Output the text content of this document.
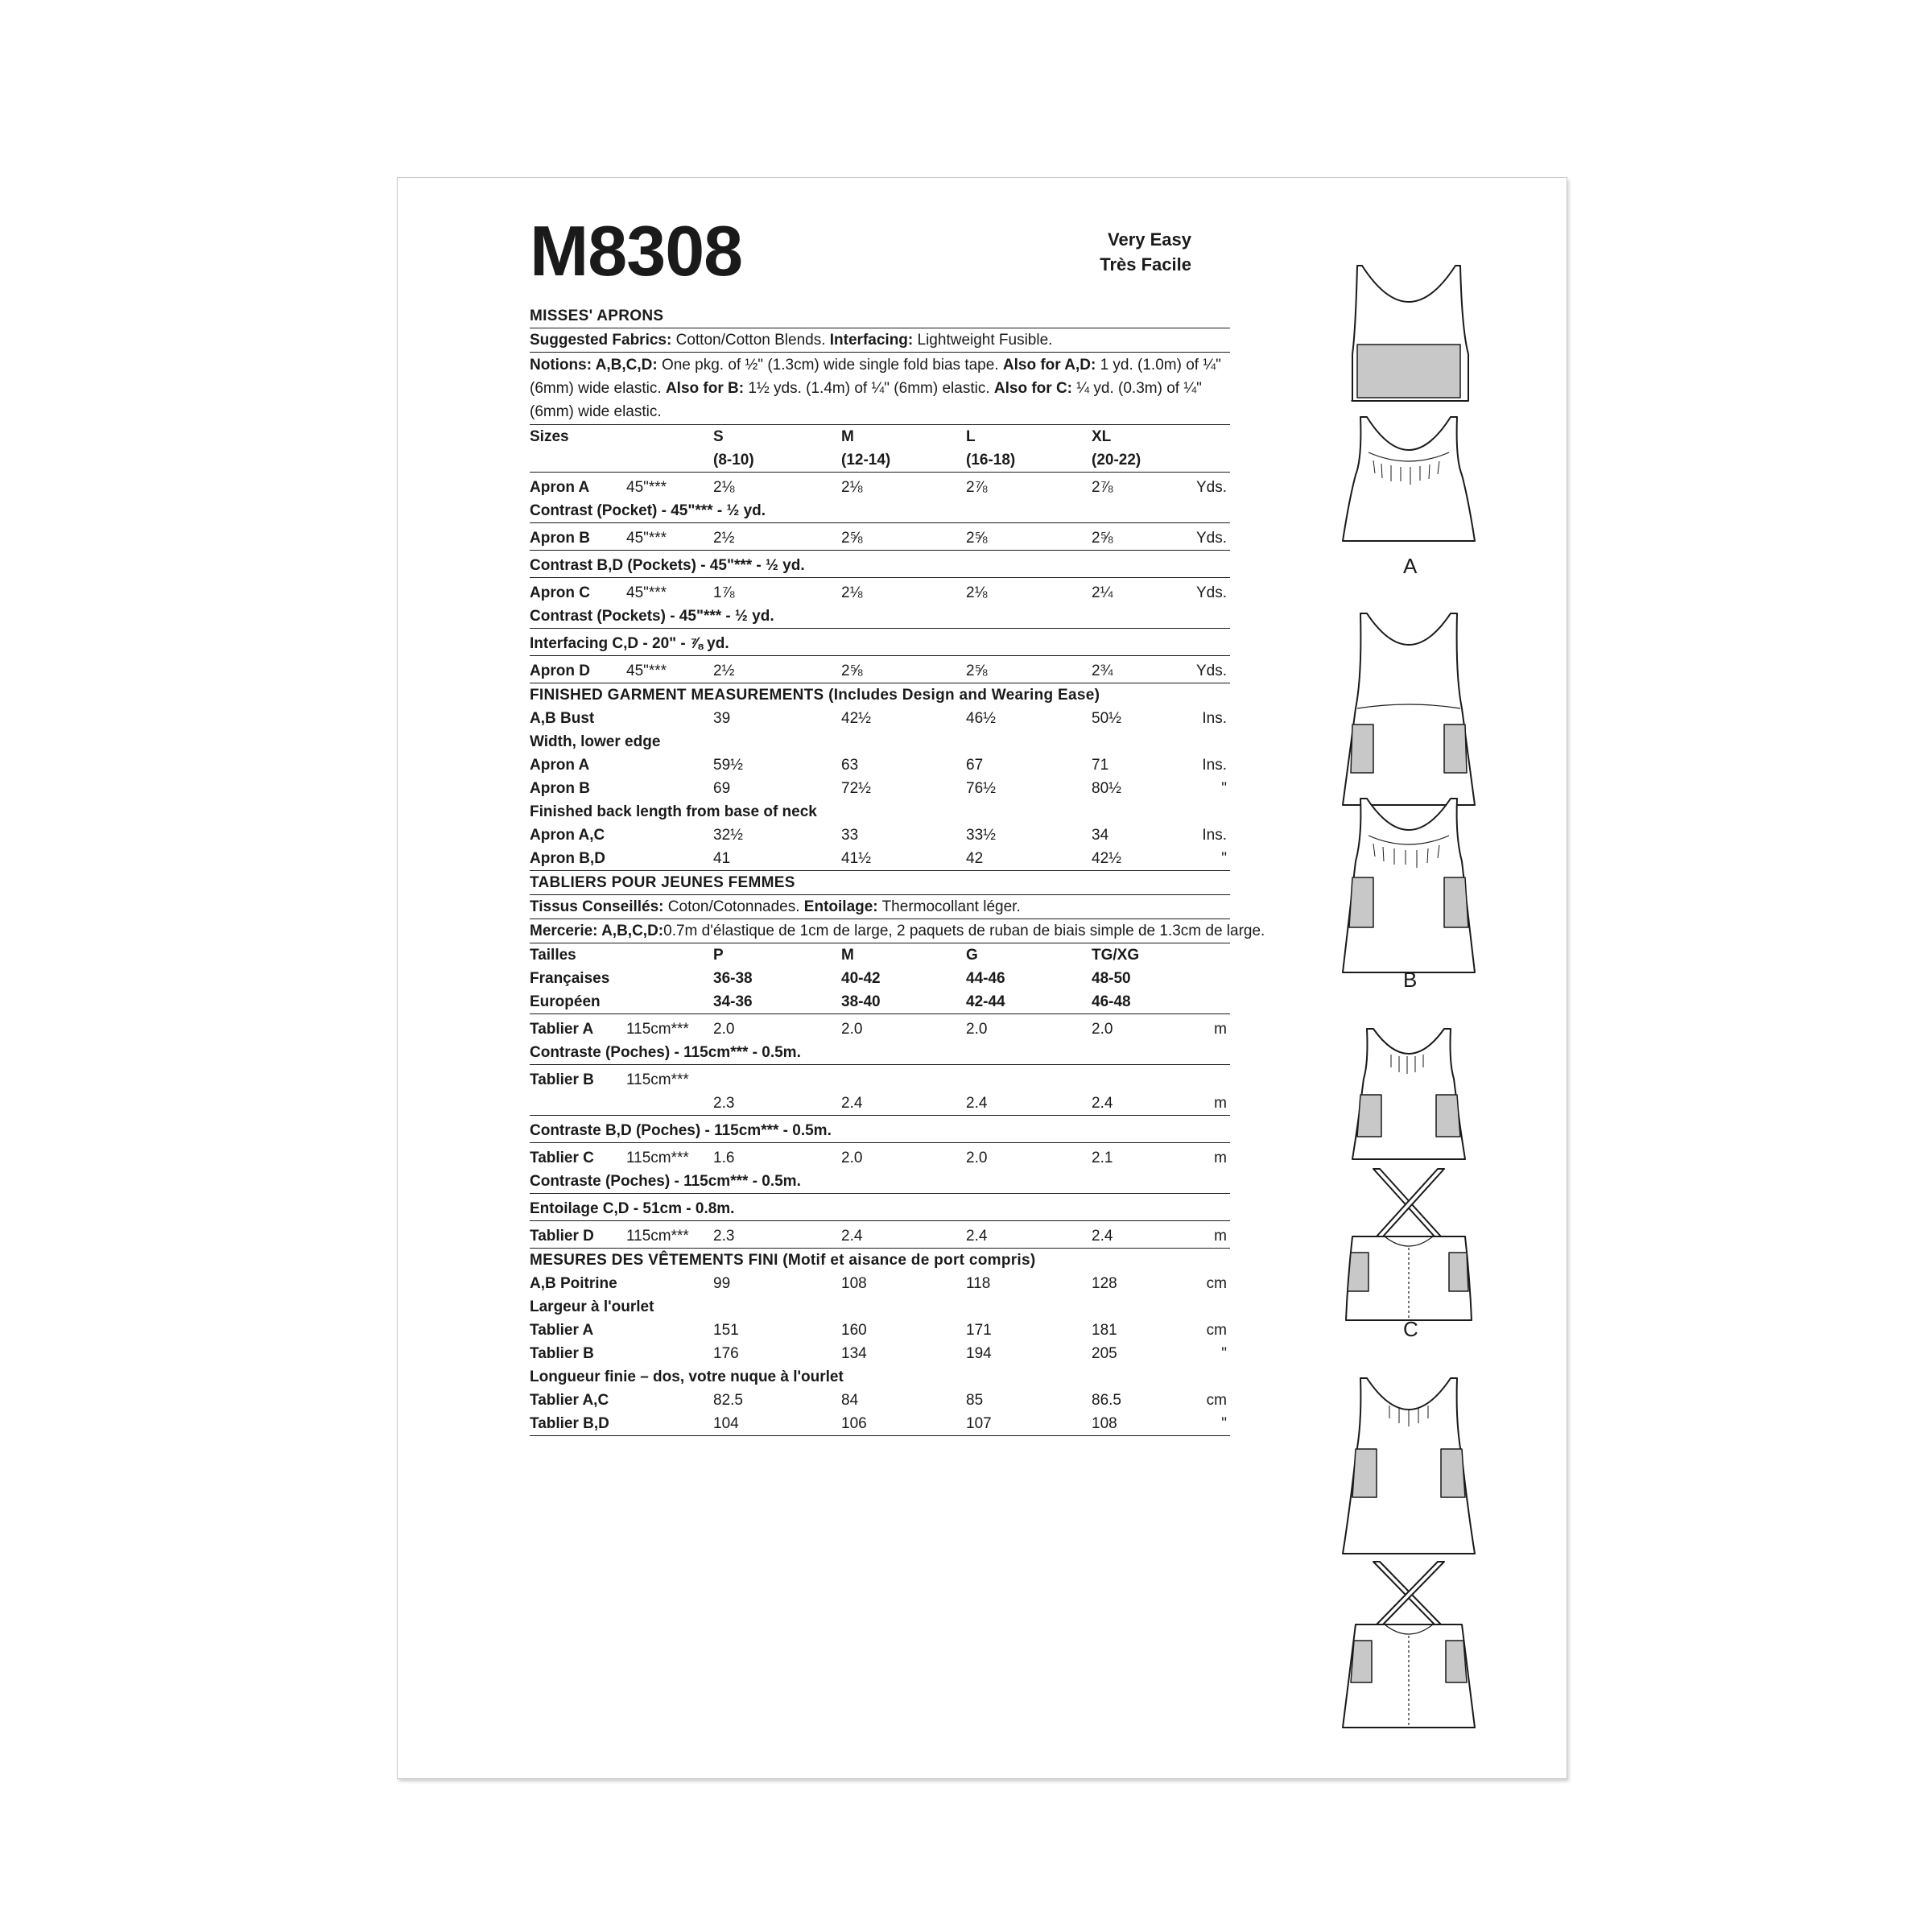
M8308	Very Easy
Très Facile
MISSES' APRONS
Suggested Fabrics: Cotton/Cotton Blends. Interfacing: Lightweight Fusible.
Notions: A,B,C,D: One pkg. of ½" (1.3cm) wide single fold bias tape. Also for A,D: 1 yd. (1.0m) of ¼" (6mm) wide elastic. Also for B: 1½ yds. (1.4m) of ¼" (6mm) elastic. Also for C: ¼ yd. (0.3m) of ¼" (6mm) wide elastic.
Sizes	S	M	L	XL
(8-10)	(12-14)	(16-18)	(20-22)
Apron A 45"***	2⅛	2⅛	2⅞	2⅞	Yds.
Contrast (Pocket) - 45"*** - ½ yd.
Apron B 45"***	2½	2⅝	2⅝	2⅝	Yds.
Contrast B,D (Pockets) - 45"*** - ½ yd.
Apron C 45"***	1⅞	2⅛	2⅛	2¼	Yds.
Contrast (Pockets) - 45"*** - ½ yd.
Interfacing C,D - 20" - ⅞ yd.
Apron D 45"***	2½	2⅝	2⅝	2¾	Yds.
FINISHED GARMENT MEASUREMENTS (Includes Design and Wearing Ease)
A,B Bust	39	42½	46½	50½	Ins.
Width, lower edge
Apron A	59½	63	67	71	Ins.
Apron B	69	72½	76½	80½	"
Finished back length from base of neck
Apron A,C	32½	33	33½	34	Ins.
Apron B,D	41	41½	42	42½	"
TABLIERS POUR JEUNES FEMMES
Tissus Conseillés: Coton/Cotonnades. Entoilage: Thermocollant léger.
Mercerie: A,B,C,D:0.7m d'élastique de 1cm de large, 2 paquets de ruban de biais simple de 1.3cm de large.
Tailles	P	M	G	TG/XG
Françaises	36-38	40-42	44-46	48-50
Européen	34-36	38-40	42-44	46-48
Tablier A 115cm*** 2.0	2.0	2.0	2.0	m
Contraste (Poches) - 115cm*** - 0.5m.
Tablier B 115cm***
2.3	2.4	2.4	2.4	m
Contraste B,D (Poches) - 115cm*** - 0.5m.
Tablier C 115cm*** 1.6	2.0	2.0	2.1	m
Contraste (Poches) - 115cm*** - 0.5m.
Entoilage C,D - 51cm - 0.8m.
Tablier D 115cm*** 2.3	2.4	2.4	2.4	m
MESURES DES VÊTEMENTS FINI (Motif et aisance de port compris)
A,B Poitrine	99	108	118	128	cm
Largeur à l'ourlet
Tablier A	151	160	171	181	cm
Tablier B	176	134	194	205	"
Longueur finie – dos, votre nuque à l'ourlet
Tablier A,C	82.5	84	85	86.5	cm
Tablier B,D	104	106	107	108	"
A
B
C
